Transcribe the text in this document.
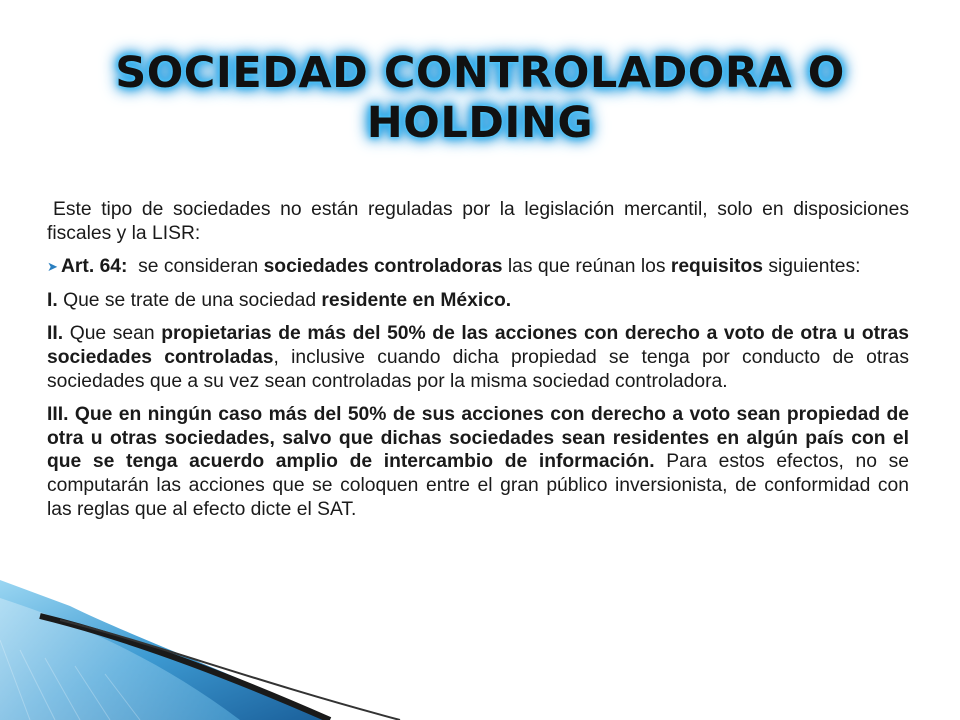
SOCIEDAD CONTROLADORA O
HOLDING

Este tipo de sociedades no están reguladas por la legislación mercantil, solo en disposiciones fiscales y la LISR:

➤ Art. 64:  se consideran sociedades controladoras las que reúnan los requisitos siguientes:

I. Que se trate de una sociedad residente en México.

II. Que sean propietarias de más del 50% de las acciones con derecho a voto de otra u otras sociedades controladas, inclusive cuando dicha propiedad se tenga por conducto de otras sociedades que a su vez sean controladas por la misma sociedad controladora.

III. Que en ningún caso más del 50% de sus acciones con derecho a voto sean propiedad de otra u otras sociedades, salvo que dichas sociedades sean residentes en algún país con el que se tenga acuerdo amplio de intercambio de información. Para estos efectos, no se computarán las acciones que se coloquen entre el gran público inversionista, de conformidad con las reglas que al efecto dicte el SAT.
